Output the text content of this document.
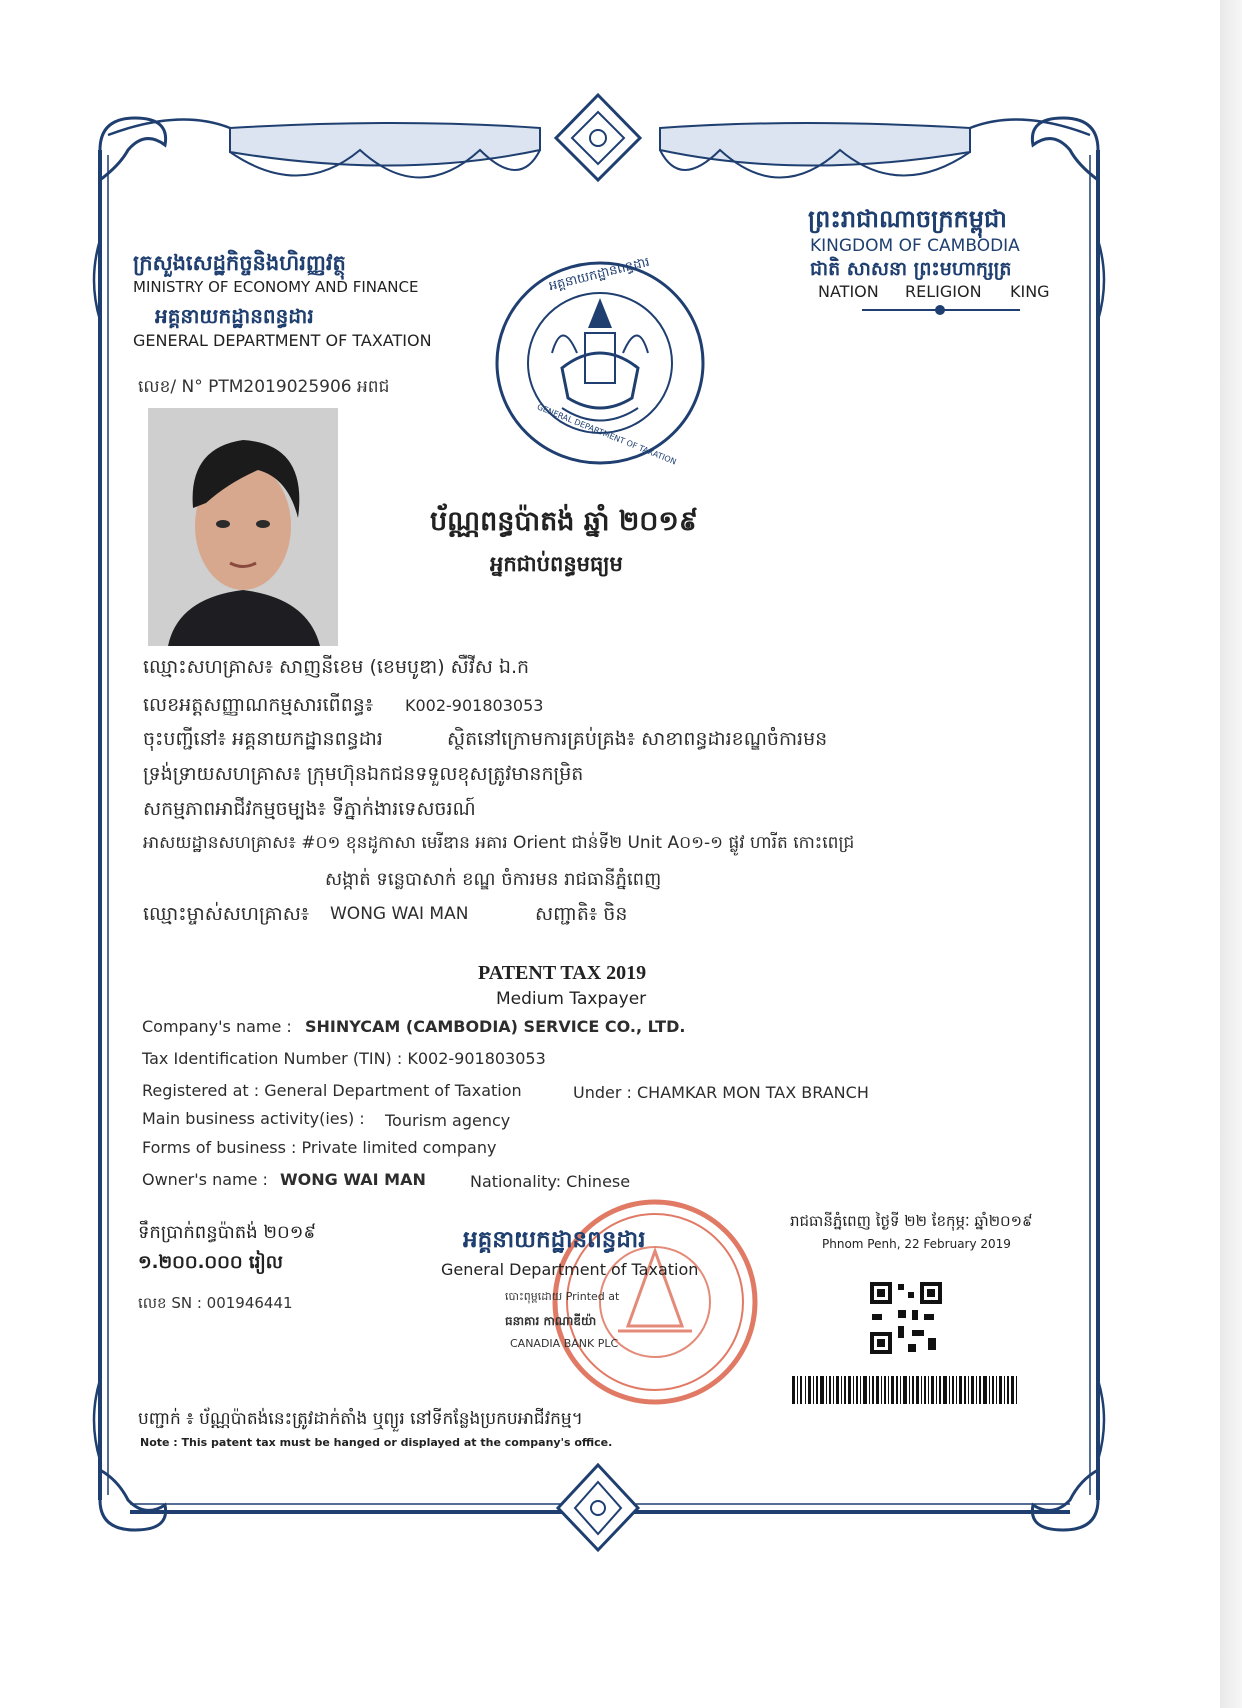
ក្រសួងសេដ្ឋកិច្ចនិងហិរញ្ញវត្ថុ
MINISTRY OF ECONOMY AND FINANCE
អគ្គនាយកដ្ឋានពន្ធដារ
GENERAL DEPARTMENT OF TAXATION
លេខ/ N° PTM2019025906 អពជ
ព្រះរាជាណាចក្រកម្ពុជា
KINGDOM OF CAMBODIA
ជាតិ សាសនា ព្រះមហាក្សត្រ
NATION RELIGION KING
អគ្គនាយកដ្ឋានពន្ធដារ
GENERAL DEPARTMENT OF TAXATION
ប័ណ្ណពន្ធប៉ាតង់ ឆ្នាំ ២០១៩
អ្នកជាប់ពន្ធមធ្យម
ឈ្មោះសហគ្រាស៖ សាញនីខេម (ខេមបូឌា) សឺវីស ឯ.ក
លេខអត្តសញ្ញាណកម្មសារពើពន្ធ៖ K002-901803053
ចុះបញ្ជីនៅ៖ អគ្គនាយកដ្ឋានពន្ធដារ	ស្ថិតនៅក្រោមការគ្រប់គ្រង៖ សាខាពន្ធដារខណ្ឌចំការមន
ទ្រង់ទ្រាយសហគ្រាស៖ ក្រុមហ៊ុនឯកជនទទួលខុសត្រូវមានកម្រិត
សកម្មភាពអាជីវកម្មចម្បង៖ ទីភ្នាក់ងារទេសចរណ៍
អាសយដ្ឋានសហគ្រាស៖ #០១ ខុនដូកាសា មេរីឌាន អគារ Orient ជាន់ទី២ Unit A០១-១ ផ្លូវ ហារីត កោះពេជ្រ
សង្កាត់ ទន្លេបាសាក់ ខណ្ឌ ចំការមន រាជធានីភ្នំពេញ
ឈ្មោះម្ចាស់សហគ្រាស៖ WONG WAI MAN	សញ្ជាតិ៖ ចិន
PATENT TAX 2019
Medium Taxpayer
Company's name : SHINYCAM (CAMBODIA) SERVICE CO., LTD.
Tax Identification Number (TIN) : K002-901803053
Registered at : General Department of Taxation	Under : CHAMKAR MON TAX BRANCH
Main business activity(ies) : Tourism agency
Forms of business : Private limited company
Owner's name : WONG WAI MAN	Nationality: Chinese
ទឹកប្រាក់ពន្ធប៉ាតង់ ២០១៩
១.២០០.០០០ រៀល
លេខ SN : 001946441
អគ្គនាយកដ្ឋានពន្ធដារ
General Department of Taxation
បោះពុម្ពដោយ Printed at
ធនាគារ កាណាឌីយ៉ា
CANADIA BANK PLC
រាជធានីភ្នំពេញ ថ្ងៃទី ២២ ខែកុម្ភៈ ឆ្នាំ២០១៩
Phnom Penh, 22 February 2019
បញ្ជាក់ ៖ ប័ណ្ណប៉ាតង់នេះត្រូវដាក់តាំង ឬព្យួរ នៅទីកន្លែងប្រកបអាជីវកម្ម។
Note : This patent tax must be hanged or displayed at the company's office.
